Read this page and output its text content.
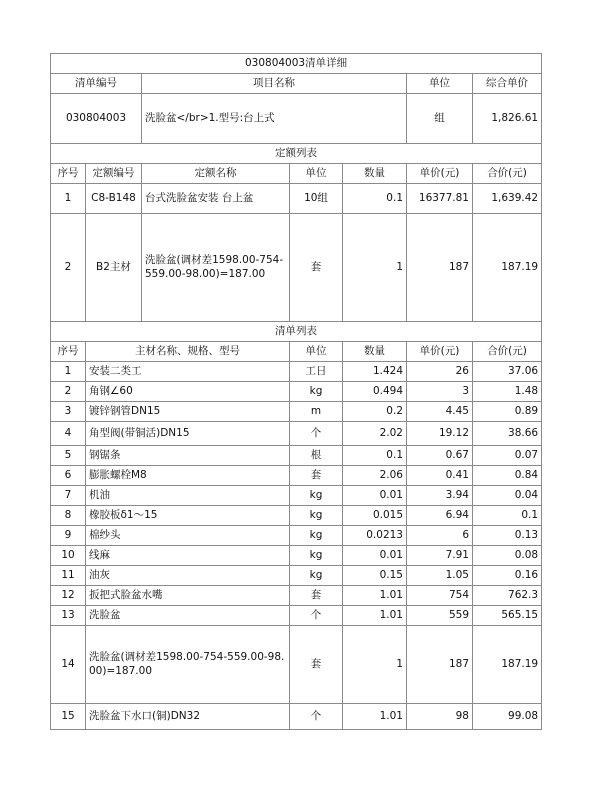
030804003清单详细						
清单编号		项目名称			单位	综合单价
030804003		洗脸盆</br>1.型号:台上式			组	1,826.61
定额列表						
序号	定额编号	定额名称	单位	数量	单价(元)	合价(元)
1	C8-B148	台式洗脸盆安装 台上盆	10组	0.1	16377.81	1,639.42
2	B2主材	洗脸盆(调材差1598.00-754-559.00-98.00)=187.00	套	1	187	187.19
清单列表						
序号	主材名称、规格、型号		单位	数量	单价(元)	合价(元)
1	安装二类工		工日	1.424	26	37.06
2	角钢∠60		kg	0.494	3	1.48
3	镀锌钢管DN15		m	0.2	4.45	0.89
4	角型阀(带铜活)DN15		个	2.02	19.12	38.66
5	钢锯条		根	0.1	0.67	0.07
6	膨胀螺栓M8		套	2.06	0.41	0.84
7	机油		kg	0.01	3.94	0.04
8	橡胶板δ1～15		kg	0.015	6.94	0.1
9	棉纱头		kg	0.0213	6	0.13
10	线麻		kg	0.01	7.91	0.08
11	油灰		kg	0.15	1.05	0.16
12	扳把式脸盆水嘴		套	1.01	754	762.3
13	洗脸盆		个	1.01	559	565.15
14	洗脸盆(调材差1598.00-754-559.00-98.00)=187.00		套	1	187	187.19
15	洗脸盆下水口(铜)DN32		个	1.01	98	99.08
